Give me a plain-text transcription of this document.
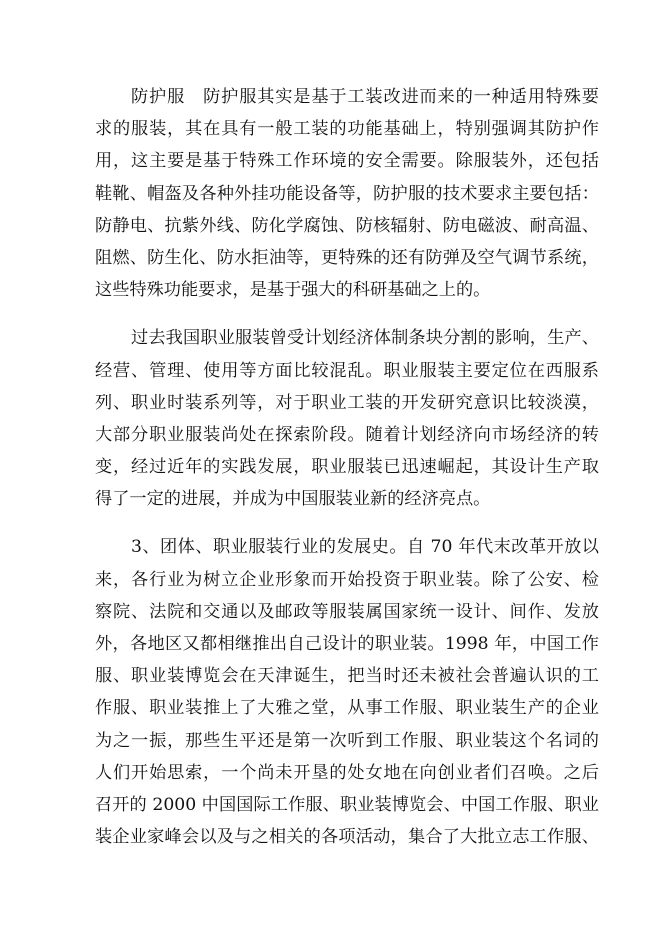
防护服　防护服其实是基于工装改进而来的一种适用特殊要
求的服装，其在具有一般工装的功能基础上，特别强调其防护作
用，这主要是基于特殊工作环境的安全需要。除服装外，还包括
鞋靴、帽盔及各种外挂功能设备等，防护服的技术要求主要包括：
防静电、抗紫外线、防化学腐蚀、防核辐射、防电磁波、耐高温、
阻燃、防生化、防水拒油等，更特殊的还有防弹及空气调节系统，
这些特殊功能要求，是基于强大的科研基础之上的。
过去我国职业服装曾受计划经济体制条块分割的影响，生产、
经营、管理、使用等方面比较混乱。职业服装主要定位在西服系
列、职业时装系列等，对于职业工装的开发研究意识比较淡漠，
大部分职业服装尚处在探索阶段。随着计划经济向市场经济的转
变，经过近年的实践发展，职业服装已迅速崛起，其设计生产取
得了一定的进展，并成为中国服装业新的经济亮点。
3、团体、职业服装行业的发展史。自 70 年代末改革开放以
来，各行业为树立企业形象而开始投资于职业装。除了公安、检
察院、法院和交通以及邮政等服装属国家统一设计、间作、发放
外，各地区又都相继推出自己设计的职业装。1998 年，中国工作
服、职业装博览会在天津诞生，把当时还未被社会普遍认识的工
作服、职业装推上了大雅之堂，从事工作服、职业装生产的企业
为之一振，那些生平还是第一次听到工作服、职业装这个名词的
人们开始思索，一个尚未开垦的处女地在向创业者们召唤。之后
召开的 2000 中国国际工作服、职业装博览会、中国工作服、职业
装企业家峰会以及与之相关的各项活动，集合了大批立志工作服、
